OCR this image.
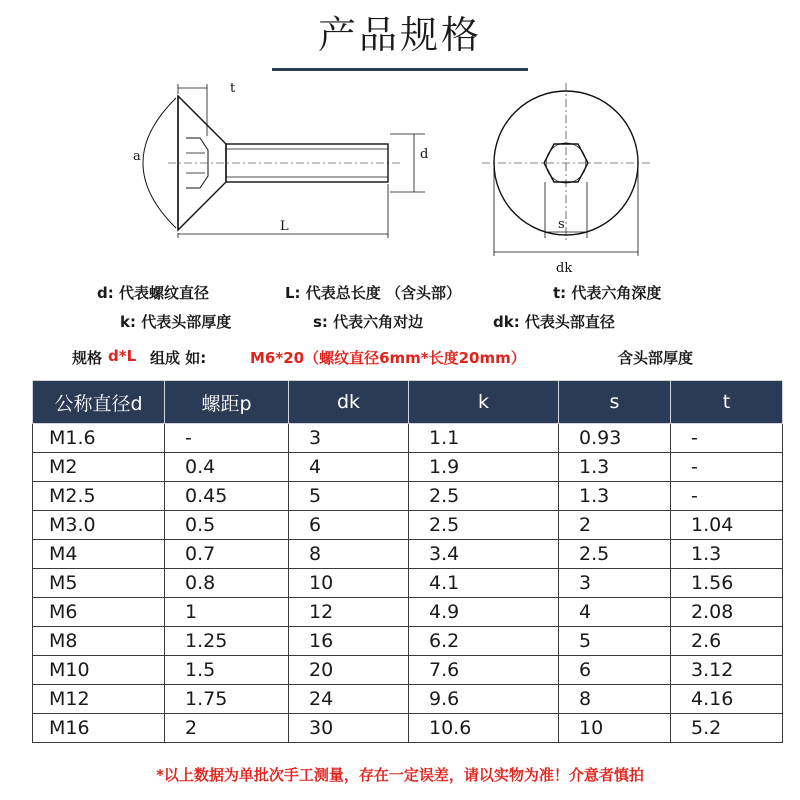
产品规格
t
a	d
L	s
dk
d: 代表螺纹直径	L: 代表总长度 （含头部）	t: 代表六角深度
k: 代表头部厚度	s: 代表六角对边	dk: 代表头部直径
规格 d*L 组成 如:	M6*20（螺纹直径6mm*长度20mm）	含头部厚度
公称直径d	螺距p	dk	k	s	t
M1.6	-	3	1.1	0.93	-
M2	0.4	4	1.9	1.3	-
M2.5	0.45	5	2.5	1.3	-
M3.0	0.5	6	2.5	2	1.04
M4	0.7	8	3.4	2.5	1.3
M5	0.8	10	4.1	3	1.56
M6	1	12	4.9	4	2.08
M8	1.25	16	6.2	5	2.6
M10	1.5	20	7.6	6	3.12
M12	1.75	24	9.6	8	4.16
M16	2	30	10.6	10	5.2
*以上数据为单批次手工测量，存在一定误差，请以实物为准！介意者慎拍
